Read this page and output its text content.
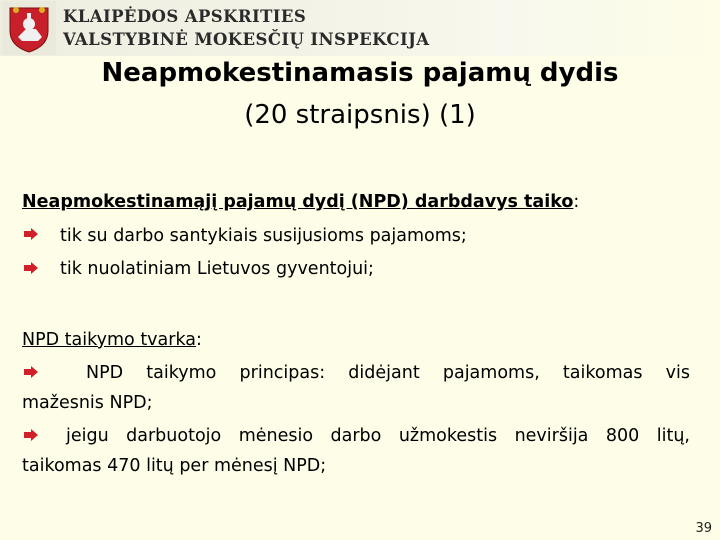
KLAIPĖDOS APSKRITIES
VALSTYBINĖ MOKESČIŲ INSPEKCIJA
Neapmokestinamasis pajamų dydis
(20 straipsnis) (1)
Neapmokestinamąjį pajamų dydį (NPD) darbdavys taiko:
tik su darbo santykiais susijusioms pajamoms;
tik nuolatiniam Lietuvos gyventojui;
NPD taikymo tvarka:
NPD taikymo principas: didėjant pajamoms, taikomas vis
mažesnis NPD;
jeigu darbuotojo mėnesio darbo užmokestis neviršija 800 litų,
taikomas 470 litų per mėnesį NPD;
39
